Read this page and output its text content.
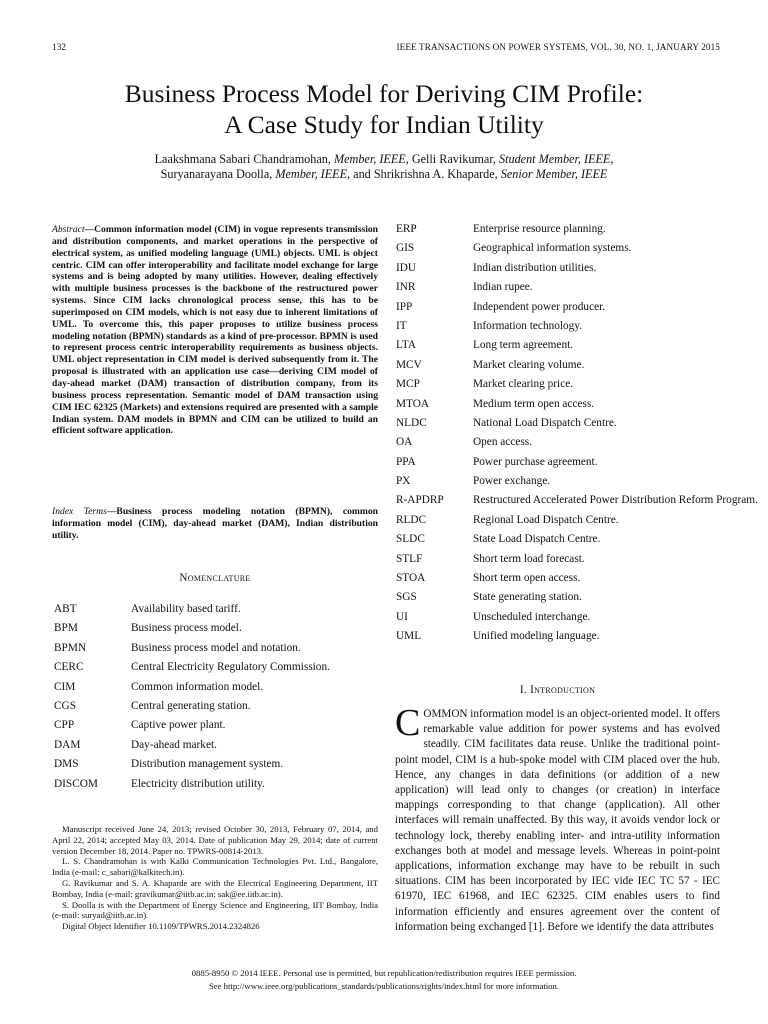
132	IEEE TRANSACTIONS ON POWER SYSTEMS, VOL. 30, NO. 1, JANUARY 2015
Business Process Model for Deriving CIM Profile:
A Case Study for Indian Utility
Laakshmana Sabari Chandramohan, Member, IEEE, Gelli Ravikumar, Student Member, IEEE,
Suryanarayana Doolla, Member, IEEE, and Shrikrishna A. Khaparde, Senior Member, IEEE
Abstract—Common information model (CIM) in vogue represents transmission and distribution components, and market operations in the perspective of electrical system, as unified modeling language (UML) objects. UML is object centric. CIM can offer interoperability and facilitate model exchange for large systems and is being adopted by many utilities. However, dealing effectively with multiple business processes is the backbone of the restructured power systems. Since CIM lacks chronological process sense, this has to be superimposed on CIM models, which is not easy due to inherent limitations of UML. To overcome this, this paper proposes to utilize business process modeling notation (BPMN) standards as a kind of pre-processor. BPMN is used to represent process centric interoperability requirements as business objects. UML object representation in CIM model is derived subsequently from it. The proposal is illustrated with an application use case—deriving CIM model of day-ahead market (DAM) transaction of distribution company, from its business process representation. Semantic model of DAM transaction using CIM IEC 62325 (Markets) and extensions required are presented with a sample Indian system. DAM models in BPMN and CIM can be utilized to build an efficient software application.
Index Terms—Business process modeling notation (BPMN), common information model (CIM), day-ahead market (DAM), Indian distribution utility.
Nomenclature
ABT	Availability based tariff.
BPM	Business process model.
BPMN	Business process model and notation.
CERC	Central Electricity Regulatory Commission.
CIM	Common information model.
CGS	Central generating station.
CPP	Captive power plant.
DAM	Day-ahead market.
DMS	Distribution management system.
DISCOM	Electricity distribution utility.

Manuscript received June 24, 2013; revised October 30, 2013, February 07, 2014, and April 22, 2014; accepted May 03, 2014. Date of publication May 29, 2014; date of current version December 18, 2014. Paper no. TPWRS-00814-2013.

L. S. Chandramohan is with Kalki Communication Technologies Pvt. Ltd., Bangalore, India (e-mail: c_sabari@kalkitech.in).

G. Ravikumar and S. A. Khaparde are with the Electrical Engineering Department, IIT Bombay, India (e-mail: gravikumar@iitb.ac.in; sak@ee.iitb.ac.in).

S. Doolla is with the Department of Energy Science and Engineering, IIT Bombay, India (e-mail: suryad@iitb.ac.in).

Digital Object Identifier 10.1109/TPWRS.2014.2324826

ERP	Enterprise resource planning.
GIS	Geographical information systems.
IDU	Indian distribution utilities.
INR	Indian rupee.
IPP	Independent power producer.
IT	Information technology.
LTA	Long term agreement.
MCV	Market clearing volume.
MCP	Market clearing price.
MTOA	Medium term open access.
NLDC	National Load Dispatch Centre.
OA	Open access.
PPA	Power purchase agreement.
PX	Power exchange.
R-APDRP	Restructured Accelerated Power Distribution Reform Program.
RLDC	Regional Load Dispatch Centre.
SLDC	State Load Dispatch Centre.
STLF	Short term load forecast.
STOA	Short term open access.
SGS	State generating station.
UI	Unscheduled interchange.
UML	Unified modeling language.
I. Introduction
COMMON information model is an object-oriented model. It offers remarkable value addition for power systems and has evolved steadily. CIM facilitates data reuse. Unlike the traditional point-point model, CIM is a hub-spoke model with CIM placed over the hub. Hence, any changes in data definitions (or addition of a new application) will lead only to changes (or creation) in interface mappings corresponding to that change (application). All other interfaces will remain unaffected. By this way, it avoids vendor lock or technology lock, thereby enabling inter- and intra-utility information exchanges both at model and message levels. Whereas in point-point applications, information exchange may have to be rebuilt in such situations. CIM has been incorporated by IEC vide IEC TC 57 - IEC 61970, IEC 61968, and IEC 62325. CIM enables users to find information efficiently and ensures agreement over the content of information being exchanged [1]. Before we identify the data attributes
0885-8950 © 2014 IEEE. Personal use is permitted, but republication/redistribution requires IEEE permission.
See http://www.ieee.org/publications_standards/publications/rights/index.html for more information.
